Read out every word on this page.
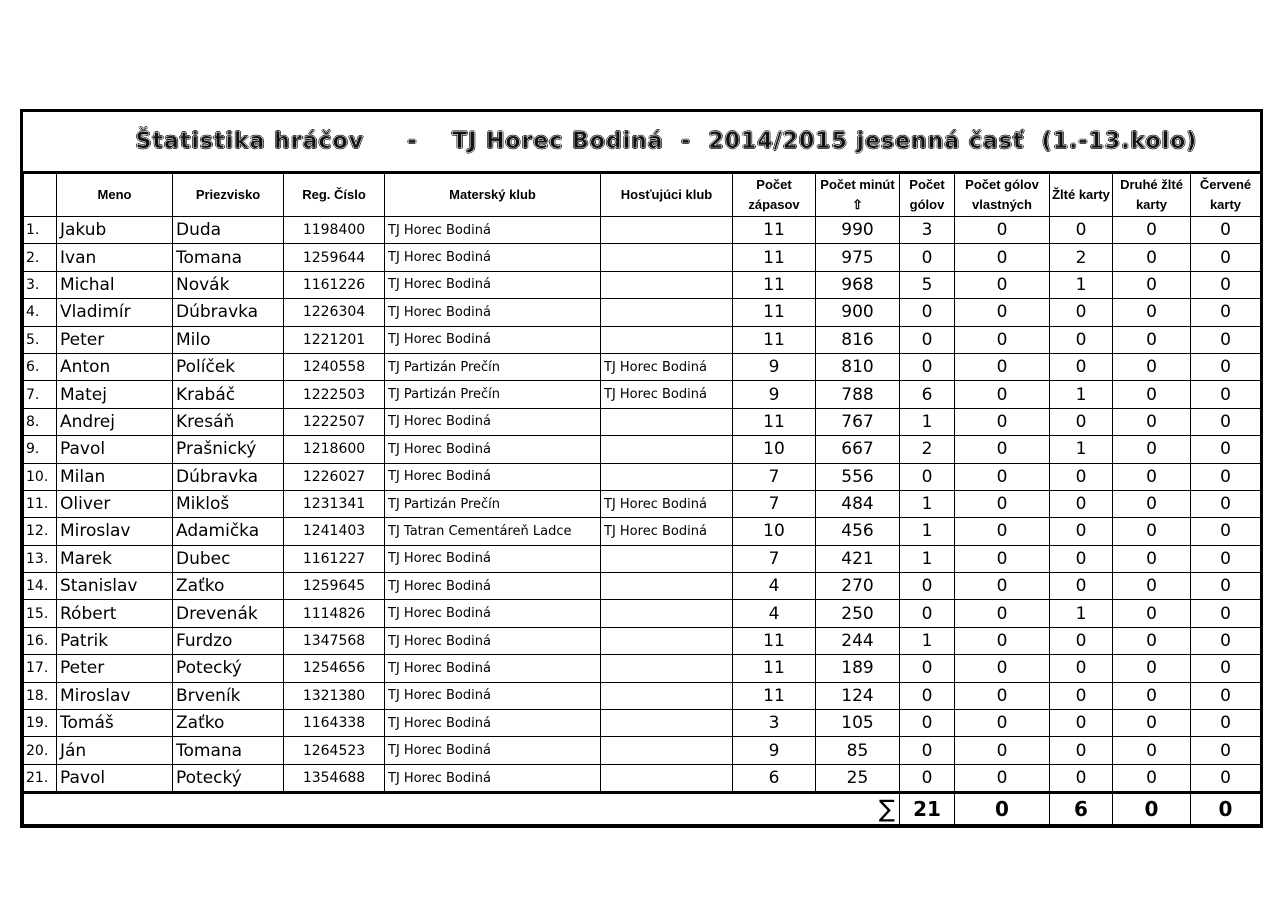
Štatistika hráčov     -    TJ Horec Bodiná  -  2014/2015 jesenná časť  (1.-13.kolo)
	Meno	Priezvisko	Reg. Číslo	Materský klub	Hosťujúci klub	Počet zápasov	Počet minút ⇧	Počet gólov	Počet gólov vlastných	Žlté karty	Druhé žlté karty	Červené karty
1.	Jakub	Duda	1198400	TJ Horec Bodiná		11	990	3	0	0	0	0
2.	Ivan	Tomana	1259644	TJ Horec Bodiná		11	975	0	0	2	0	0
3.	Michal	Novák	1161226	TJ Horec Bodiná		11	968	5	0	1	0	0
4.	Vladimír	Dúbravka	1226304	TJ Horec Bodiná		11	900	0	0	0	0	0
5.	Peter	Milo	1221201	TJ Horec Bodiná		11	816	0	0	0	0	0
6.	Anton	Políček	1240558	TJ Partizán Prečín	TJ Horec Bodiná	9	810	0	0	0	0	0
7.	Matej	Krabáč	1222503	TJ Partizán Prečín	TJ Horec Bodiná	9	788	6	0	1	0	0
8.	Andrej	Kresáň	1222507	TJ Horec Bodiná		11	767	1	0	0	0	0
9.	Pavol	Prašnický	1218600	TJ Horec Bodiná		10	667	2	0	1	0	0
10.	Milan	Dúbravka	1226027	TJ Horec Bodiná		7	556	0	0	0	0	0
11.	Oliver	Mikloš	1231341	TJ Partizán Prečín	TJ Horec Bodiná	7	484	1	0	0	0	0
12.	Miroslav	Adamička	1241403	TJ Tatran Cementáreň Ladce	TJ Horec Bodiná	10	456	1	0	0	0	0
13.	Marek	Dubec	1161227	TJ Horec Bodiná		7	421	1	0	0	0	0
14.	Stanislav	Zaťko	1259645	TJ Horec Bodiná		4	270	0	0	0	0	0
15.	Róbert	Drevenák	1114826	TJ Horec Bodiná		4	250	0	0	1	0	0
16.	Patrik	Furdzo	1347568	TJ Horec Bodiná		11	244	1	0	0	0	0
17.	Peter	Potecký	1254656	TJ Horec Bodiná		11	189	0	0	0	0	0
18.	Miroslav	Brveník	1321380	TJ Horec Bodiná		11	124	0	0	0	0	0
19.	Tomáš	Zaťko	1164338	TJ Horec Bodiná		3	105	0	0	0	0	0
20.	Ján	Tomana	1264523	TJ Horec Bodiná		9	85	0	0	0	0	0
21.	Pavol	Potecký	1354688	TJ Horec Bodiná		6	25	0	0	0	0	0
∑								21	0	6	0	0
